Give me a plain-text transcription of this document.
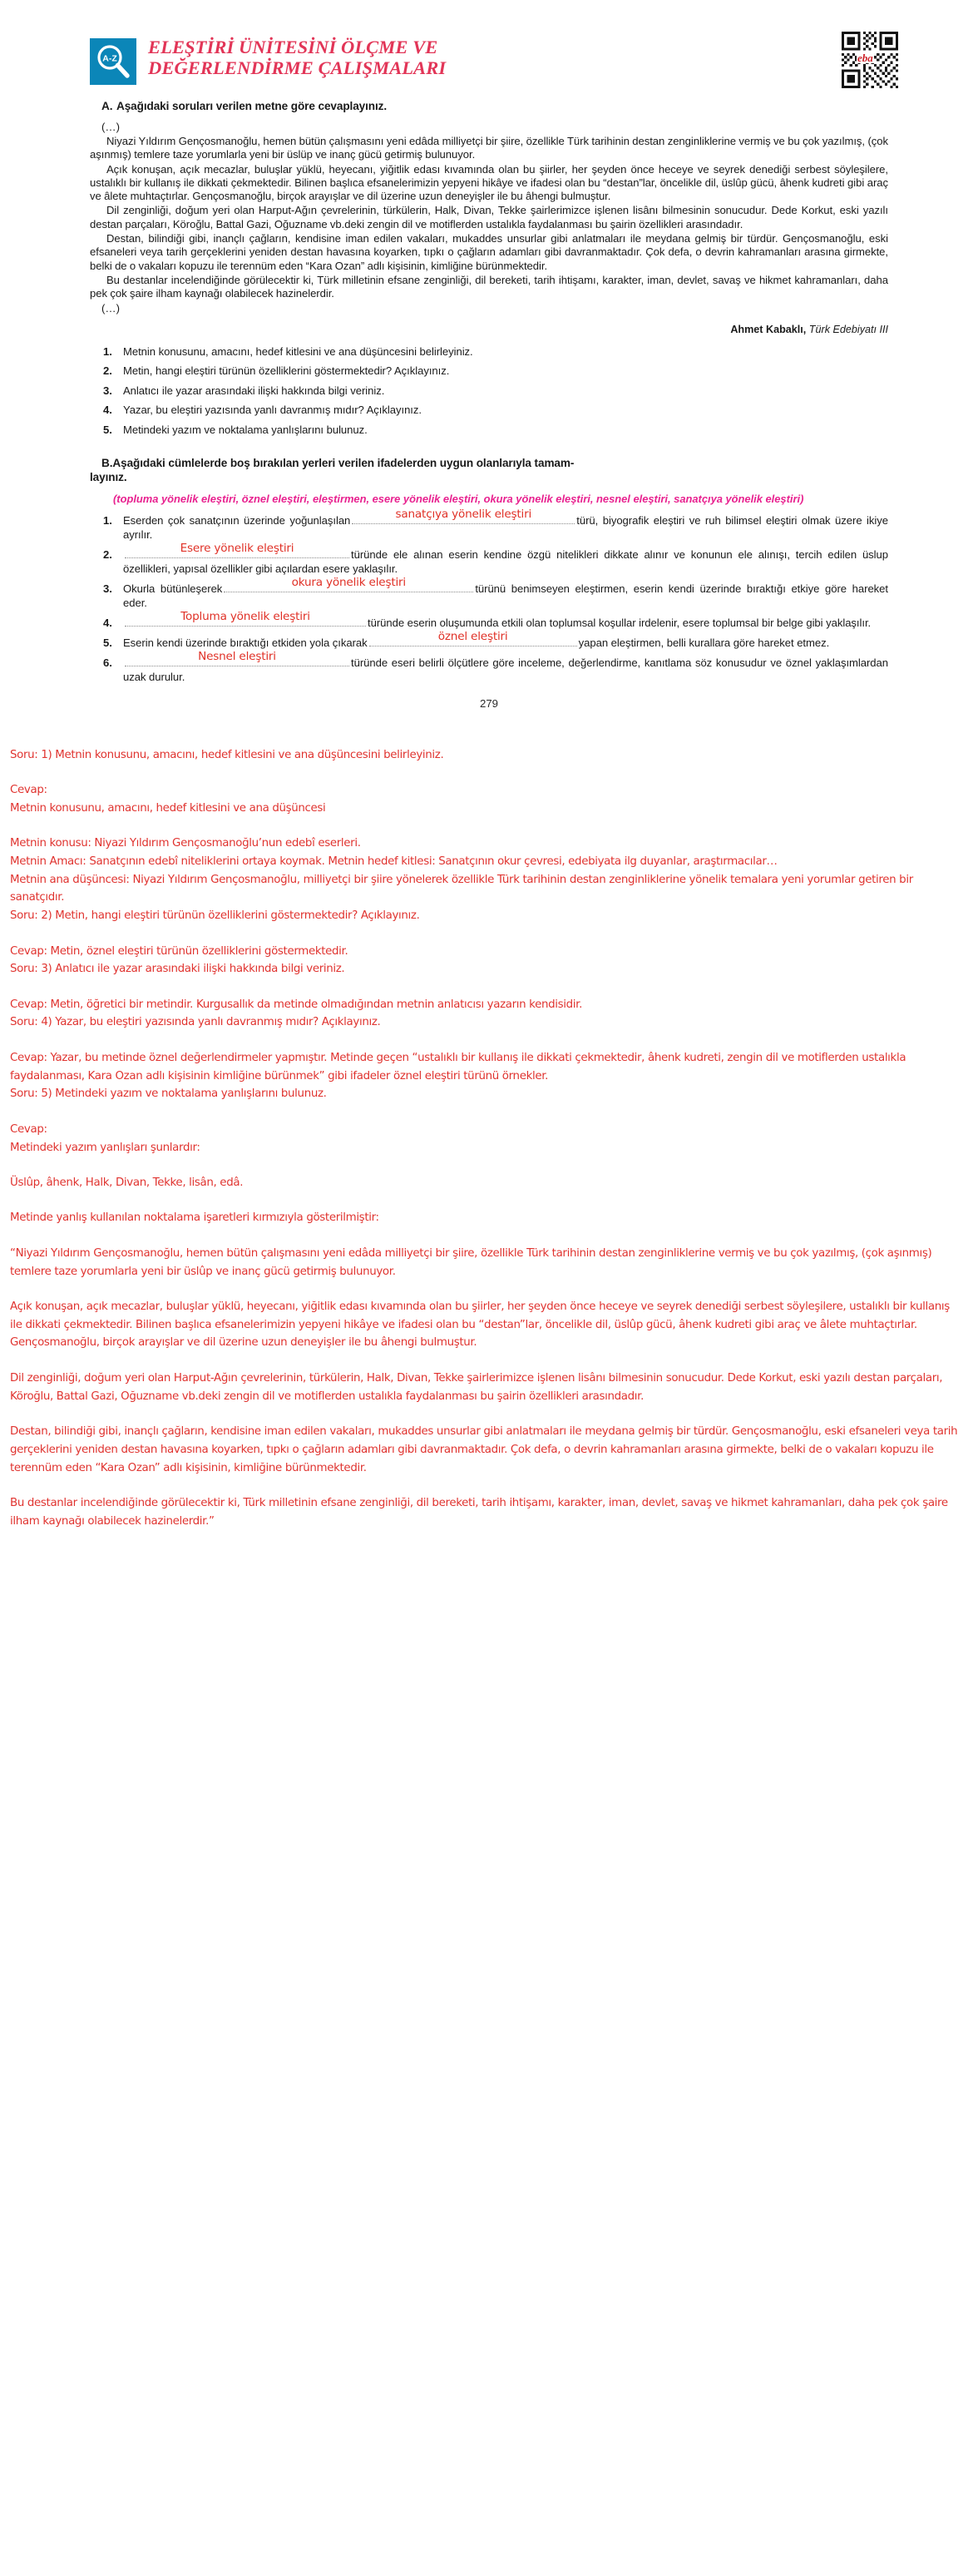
A-Z
ELEŞTİRİ ÜNİTESİNİ ÖLÇME VE
DEĞERLENDİRME ÇALIŞMALARI	eba
A. Aşağıdaki soruları verilen metne göre cevaplayınız.
(…)

Niyazi Yıldırım Gençosmanoğlu, hemen bütün çalışmasını yeni edâda milliyetçi bir şiire, özellikle Türk tarihinin destan zenginliklerine vermiş ve bu çok yazılmış, (çok aşınmış) temlere taze yorumlarla yeni bir üslüp ve inanç gücü getirmiş bulunuyor.

Açık konuşan, açık mecazlar, buluşlar yüklü, heyecanı, yiğitlik edası kıvamında olan bu şiirler, her şeyden önce heceye ve seyrek denediği serbest söyleşilere, ustalıklı bir kullanış ile dikkati çekmektedir. Bilinen başlıca efsanelerimizin yepyeni hikâye ve ifadesi olan bu “destan”lar, öncelikle dil, üslûp gücü, âhenk kudreti gibi araç ve âlete muhtaçtırlar. Gençosmanoğlu, birçok arayışlar ve dil üzerine uzun deneyişler ile bu âhengi bulmuştur.

Dil zenginliği, doğum yeri olan Harput-Ağın çevrelerinin, türkülerin, Halk, Divan, Tekke şairlerimizce işlenen lisânı bilmesinin sonucudur. Dede Korkut, eski yazılı destan parçaları, Köroğlu, Battal Gazi, Oğuzname vb.deki zengin dil ve motiflerden ustalıkla faydalanması bu şairin özellikleri arasındadır.

Destan, bilindiği gibi, inançlı çağların, kendisine iman edilen vakaları, mukaddes unsurlar gibi anlatmaları ile meydana gelmiş bir türdür. Gençosmanoğlu, eski efsaneleri veya tarih gerçeklerini yeniden destan havasına koyarken, tıpkı o çağların adamları gibi davranmaktadır. Çok defa, o devrin kahramanları arasına girmekte, belki de o vakaları kopuzu ile terennüm eden “Kara Ozan” adlı kişisinin, kimliğine bürünmektedir.

Bu destanlar incelendiğinde görülecektir ki, Türk milletinin efsane zenginliği, dil bereketi, tarih ihtişamı, karakter, iman, devlet, savaş ve hikmet kahramanları, daha pek çok şaire ilham kaynağı olabilecek hazinelerdir.

(…)
Ahmet Kabaklı, Türk Edebiyatı III
1. Metnin konusunu, amacını, hedef kitlesini ve ana düşüncesini belirleyiniz.
2. Metin, hangi eleştiri türünün özelliklerini göstermektedir? Açıklayınız.
3. Anlatıcı ile yazar arasındaki ilişki hakkında bilgi veriniz.
4. Yazar, bu eleştiri yazısında yanlı davranmış mıdır? Açıklayınız.
5. Metindeki yazım ve noktalama yanlışlarını bulunuz.
B.Aşağıdaki cümlelerde boş bırakılan yerleri verilen ifadelerden uygun olanlarıyla tamam-
layınız.
(topluma yönelik eleştiri, öznel eleştiri, eleştirmen, esere yönelik eleştiri, okura yönelik eleştiri, nesnel eleştiri, sanatçıya yönelik eleştiri)
1. Eserden çok sanatçının üzerinde yoğunlaşılan	sanatçıya yönelik eleştiri	türü, biyografik eleştiri ve ruh bilimsel eleştiri olmak üzere ikiye ayrılır.
2.	Esere yönelik eleştiri	türünde ele alınan eserin kendine özgü nitelikleri dikkate alınır ve konunun ele alınışı, tercih edilen üslup özellikleri, yapısal özellikler gibi açılardan esere yaklaşılır.
3. Okurla bütünleşerek	okura yönelik eleştiri	türünü benimseyen eleştirmen, eserin kendi üzerinde bıraktığı etkiye göre hareket eder.
4.	Topluma yönelik eleştiri	türünde eserin oluşumunda etkili olan toplumsal koşullar irdelenir, esere toplumsal bir belge gibi yaklaşılır.
5. Eserin kendi üzerinde bıraktığı etkiden yola çıkarak	öznel eleştiri	yapan eleştirmen, belli kurallara göre hareket etmez.
6.	Nesnel eleştiri	türünde eseri belirli ölçütlere göre inceleme, değerlendirme, kanıtlama söz konusudur ve öznel yaklaşımlardan uzak durulur.
279

Soru: 1) Metnin konusunu, amacını, hedef kitlesini ve ana düşüncesini belirleyiniz.

Cevap:

Metnin konusunu, amacını, hedef kitlesini ve ana düşüncesi

Metnin konusu: Niyazi Yıldırım Gençosmanoğlu’nun edebî eserleri.

Metnin Amacı: Sanatçının edebî niteliklerini ortaya koymak. Metnin hedef kitlesi: Sanatçının okur çevresi, edebiyata ilg duyanlar, araştırmacılar…

Metnin ana düşüncesi: Niyazi Yıldırım Gençosmanoğlu, milliyetçi bir şiire yönelerek özellikle Türk tarihinin destan zenginliklerine yönelik temalara yeni yorumlar getiren bir sanatçıdır.

Soru: 2) Metin, hangi eleştiri türünün özelliklerini göstermektedir? Açıklayınız.

Cevap: Metin, öznel eleştiri türünün özelliklerini göstermektedir.

Soru: 3) Anlatıcı ile yazar arasındaki ilişki hakkında bilgi veriniz.

Cevap: Metin, öğretici bir metindir. Kurgusallık da metinde olmadığından metnin anlatıcısı yazarın kendisidir.

Soru: 4) Yazar, bu eleştiri yazısında yanlı davranmış mıdır? Açıklayınız.

Cevap: Yazar, bu metinde öznel değerlendirmeler yapmıştır. Metinde geçen “ustalıklı bir kullanış ile dikkati çekmektedir, âhenk kudreti, zengin dil ve motiflerden ustalıkla faydalanması, Kara Ozan adlı kişisinin kimliğine bürünmek” gibi ifadeler öznel eleştiri türünü örnekler.

Soru: 5) Metindeki yazım ve noktalama yanlışlarını bulunuz.

Cevap:

Metindeki yazım yanlışları şunlardır:

Üslûp, âhenk, Halk, Divan, Tekke, lisân, edâ.

Metinde yanlış kullanılan noktalama işaretleri kırmızıyla gösterilmiştir:

“Niyazi Yıldırım Gençosmanoğlu, hemen bütün çalışmasını yeni edâda milliyetçi bir şiire, özellikle Türk tarihinin destan zenginliklerine vermiş ve bu çok yazılmış, (çok aşınmış) temlere taze yorumlarla yeni bir üslûp ve inanç gücü getirmiş bulunuyor.

Açık konuşan, açık mecazlar, buluşlar yüklü, heyecanı, yiğitlik edası kıvamında olan bu şiirler, her şeyden önce heceye ve seyrek denediği serbest söyleşilere, ustalıklı bir kullanış ile dikkati çekmektedir. Bilinen başlıca efsanelerimizin yepyeni hikâye ve ifadesi olan bu “destan”lar, öncelikle dil, üslûp gücü, âhenk kudreti gibi araç ve âlete muhtaçtırlar. Gençosmanoğlu, birçok arayışlar ve dil üzerine uzun deneyişler ile bu âhengi bulmuştur.

Dil zenginliği, doğum yeri olan Harput-Ağın çevrelerinin, türkülerin, Halk, Divan, Tekke şairlerimizce işlenen lisânı bilmesinin sonucudur. Dede Korkut, eski yazılı destan parçaları, Köroğlu, Battal Gazi, Oğuzname vb.deki zengin dil ve motiflerden ustalıkla faydalanması bu şairin özellikleri arasındadır.

Destan, bilindiği gibi, inançlı çağların, kendisine iman edilen vakaları, mukaddes unsurlar gibi anlatmaları ile meydana gelmiş bir türdür. Gençosmanoğlu, eski efsaneleri veya tarih gerçeklerini yeniden destan havasına koyarken, tıpkı o çağların adamları gibi davranmaktadır. Çok defa, o devrin kahramanları arasına girmekte, belki de o vakaları kopuzu ile terennüm eden “Kara Ozan” adlı kişisinin, kimliğine bürünmektedir.

Bu destanlar incelendiğinde görülecektir ki, Türk milletinin efsane zenginliği, dil bereketi, tarih ihtişamı, karakter, iman, devlet, savaş ve hikmet kahramanları, daha pek çok şaire ilham kaynağı olabilecek hazinelerdir.”
